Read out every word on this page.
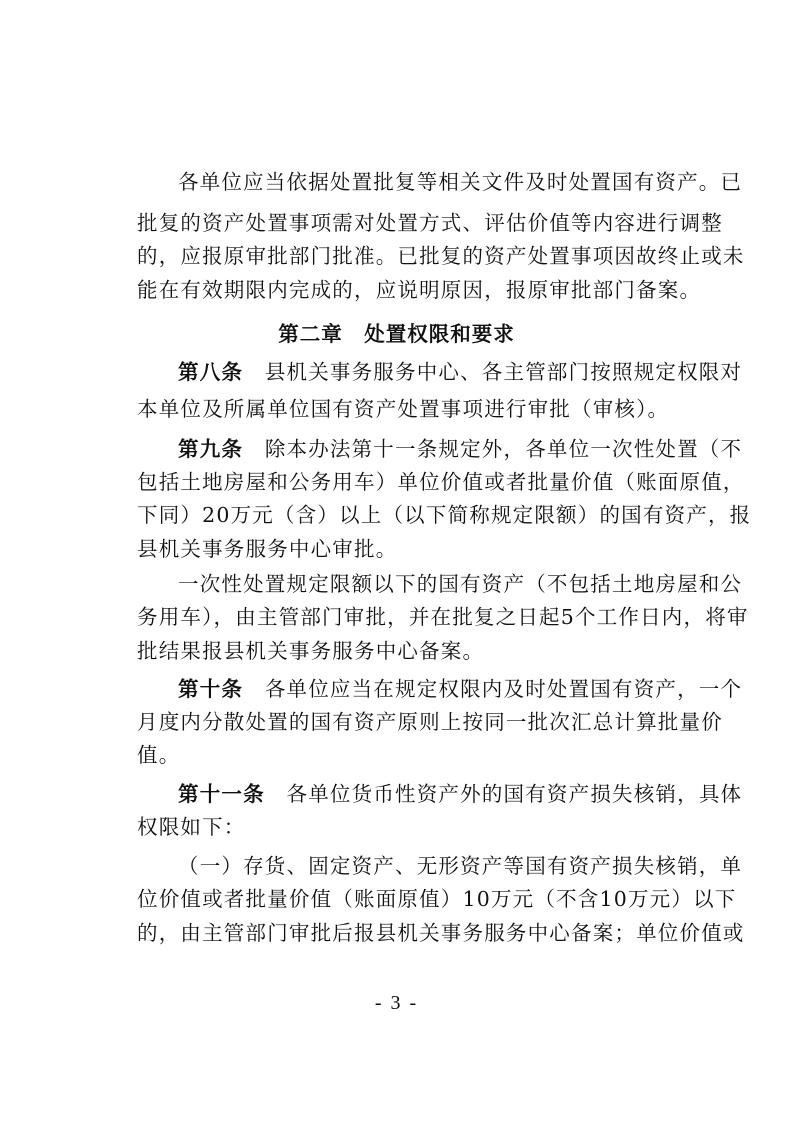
各单位应当依据处置批复等相关文件及时处置国有资产。已
批复的资产处置事项需对处置方式、评估价值等内容进行调整
的，应报原审批部门批准。已批复的资产处置事项因故终止或未
能在有效期限内完成的，应说明原因，报原审批部门备案。
第二章　处置权限和要求
第八条　 县机关事务服务中心、各主管部门按照规定权限对
本单位及所属单位国有资产处置事项进行审批（审核）。
第九条　 除本办法第十一条规定外，各单位一次性处置（不
包括土地房屋和公务用车）单位价值或者批量价值（账面原值，
下同）20万元（含）以上（以下简称规定限额）的国有资产，报
县机关事务服务中心审批。
一次性处置规定限额以下的国有资产（不包括土地房屋和公
务用车），由主管部门审批，并在批复之日起5个工作日内，将审
批结果报县机关事务服务中心备案。
第十条　 各单位应当在规定权限内及时处置国有资产，一个
月度内分散处置的国有资产原则上按同一批次汇总计算批量价
值。
第十一条　 各单位货币性资产外的国有资产损失核销，具体
权限如下：
（一）存货、固定资产、无形资产等国有资产损失核销，单
位价值或者批量价值（账面原值）10万元（不含10万元）以下
的，由主管部门审批后报县机关事务服务中心备案；单位价值或
- 3 -
